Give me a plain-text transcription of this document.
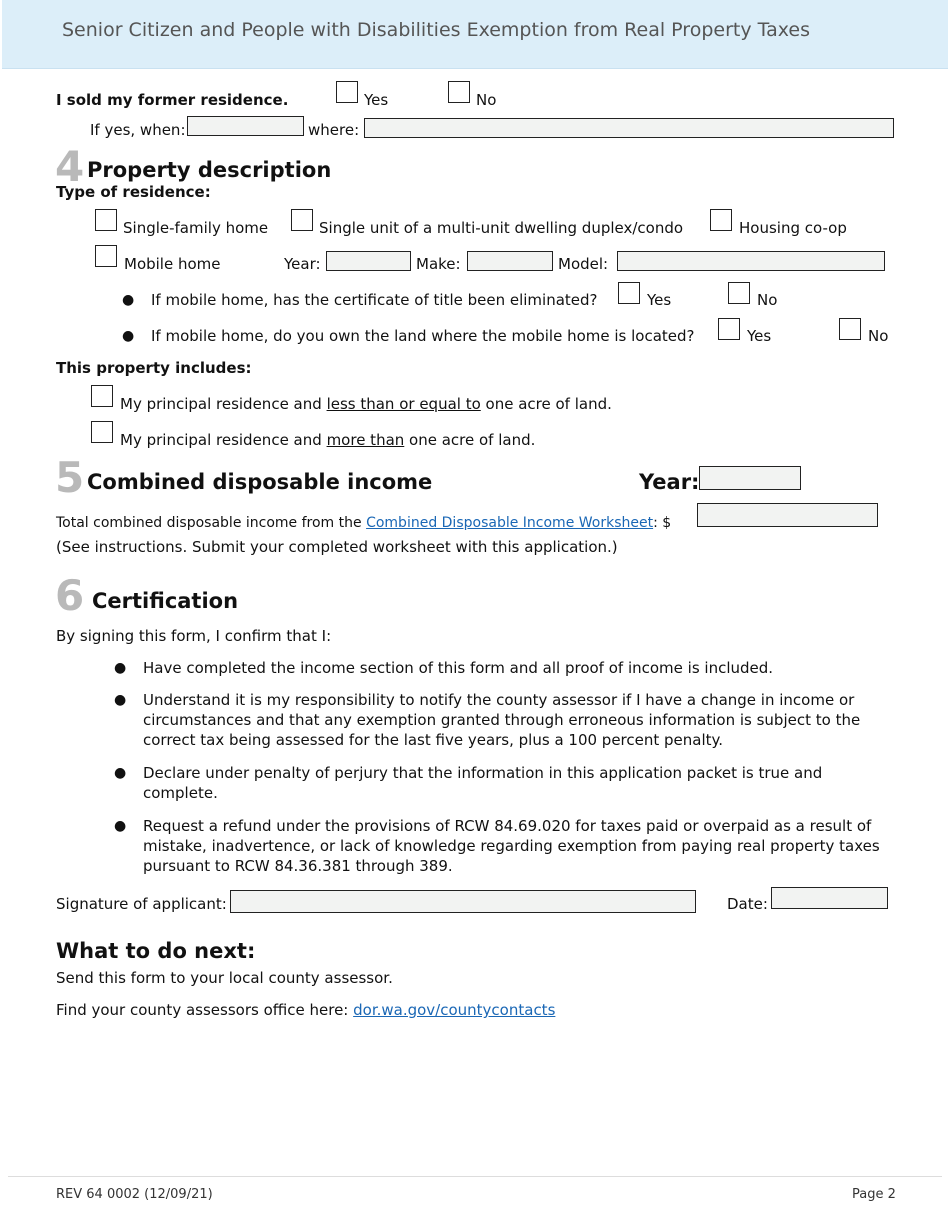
Senior Citizen and People with Disabilities Exemption from Real Property Taxes
I sold my former residence.	Yes	No
If yes, when:	where:
4 Property description
Type of residence:
Single-family home	Single unit of a multi-unit dwelling duplex/condo	Housing co-op
Mobile home	Year:	Make:	Model:
● If mobile home, has the certificate of title been eliminated?	Yes	No
● If mobile home, do you own the land where the mobile home is located?	Yes	No
This property includes:
My principal residence and less than or equal to one acre of land.
My principal residence and more than one acre of land.
5 Combined disposable income	Year:
Total combined disposable income from the Combined Disposable Income Worksheet: $
(See instructions. Submit your completed worksheet with this application.)
6 Certification
By signing this form, I confirm that I:
● Have completed the income section of this form and all proof of income is included.
● Understand it is my responsibility to notify the county assessor if I have a change in income or circumstances and that any exemption granted through erroneous information is subject to the correct tax being assessed for the last five years, plus a 100 percent penalty.
● Declare under penalty of perjury that the information in this application packet is true and complete.
● Request a refund under the provisions of RCW 84.69.020 for taxes paid or overpaid as a result of mistake, inadvertence, or lack of knowledge regarding exemption from paying real property taxes pursuant to RCW 84.36.381 through 389.
Signature of applicant:	Date:
What to do next:
Send this form to your local county assessor.
Find your county assessors office here: dor.wa.gov/countycontacts
REV 64 0002 (12/09/21)	Page 2
